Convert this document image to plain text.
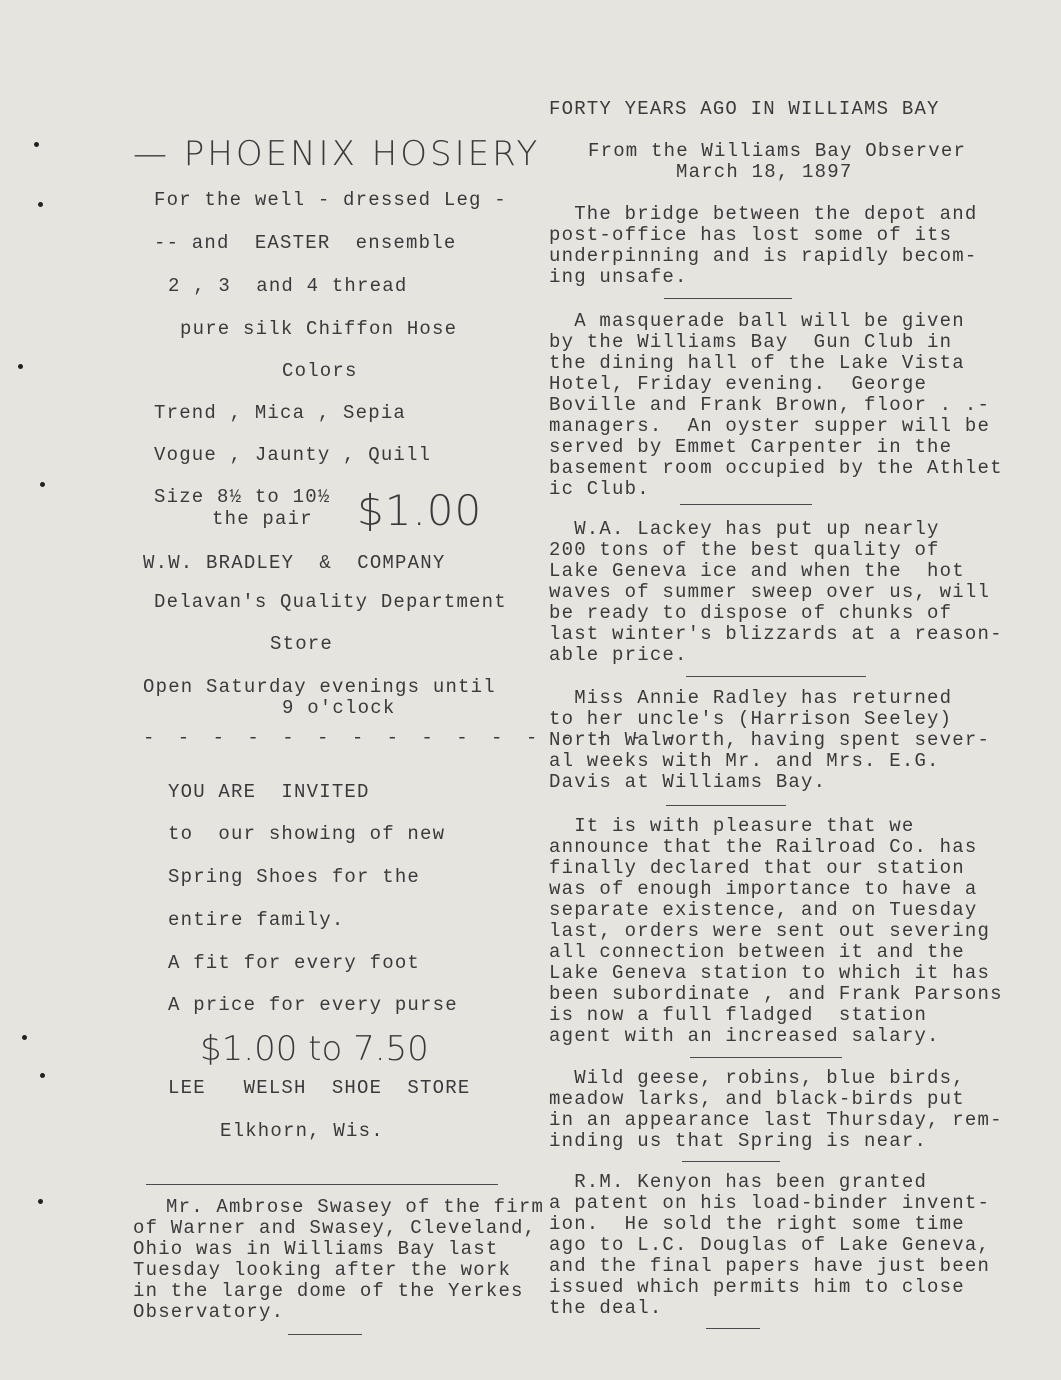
— PHOENIX HOSIERY
For the well - dressed Leg -
-- and  EASTER  ensemble
2 , 3  and 4 thread
pure silk Chiffon Hose
Colors
Trend , Mica , Sepia
Vogue , Jaunty , Quill
Size 8½ to 10½
the pair $1.00
W.W. BRADLEY  &  COMPANY
Delavan's Quality Department
Store
Open Saturday evenings until
9 o'clock
- - - - - - - - - - - - - - - -
YOU ARE  INVITED
to  our showing of new
Spring Shoes for the
entire family.
A fit for every foot
A price for every purse
$1.00 to 7.50
LEE   WELSH  SHOE  STORE
Elkhorn, Wis.
Mr. Ambrose Swasey of the firm
of Warner and Swasey, Cleveland,
Ohio was in Williams Bay last
Tuesday looking after the work
in the large dome of the Yerkes
Observatory.
FORTY YEARS AGO IN WILLIAMS BAY
From the Williams Bay Observer
March 18, 1897
The bridge between the depot and
post-office has lost some of its
underpinning and is rapidly becom-
ing unsafe.
A masquerade ball will be given
by the Williams Bay  Gun Club in
the dining hall of the Lake Vista
Hotel, Friday evening.  George
Boville and Frank Brown, floor . .-
managers.  An oyster supper will be
served by Emmet Carpenter in the
basement room occupied by the Athlet
ic Club.
W.A. Lackey has put up nearly
200 tons of the best quality of
Lake Geneva ice and when the  hot
waves of summer sweep over us, will
be ready to dispose of chunks of
last winter's blizzards at a reason-
able price.
Miss Annie Radley has returned
to her uncle's (Harrison Seeley)
North Walworth, having spent sever-
al weeks with Mr. and Mrs. E.G.
Davis at Williams Bay.
It is with pleasure that we
announce that the Railroad Co. has
finally declared that our station
was of enough importance to have a
separate existence, and on Tuesday
last, orders were sent out severing
all connection between it and the
Lake Geneva station to which it has
been subordinate , and Frank Parsons
is now a full fladged  station
agent with an increased salary.
Wild geese, robins, blue birds,
meadow larks, and black-birds put
in an appearance last Thursday, rem-
inding us that Spring is near.
R.M. Kenyon has been granted
a patent on his load-binder invent-
ion.  He sold the right some time
ago to L.C. Douglas of Lake Geneva,
and the final papers have just been
issued which permits him to close
the deal.
